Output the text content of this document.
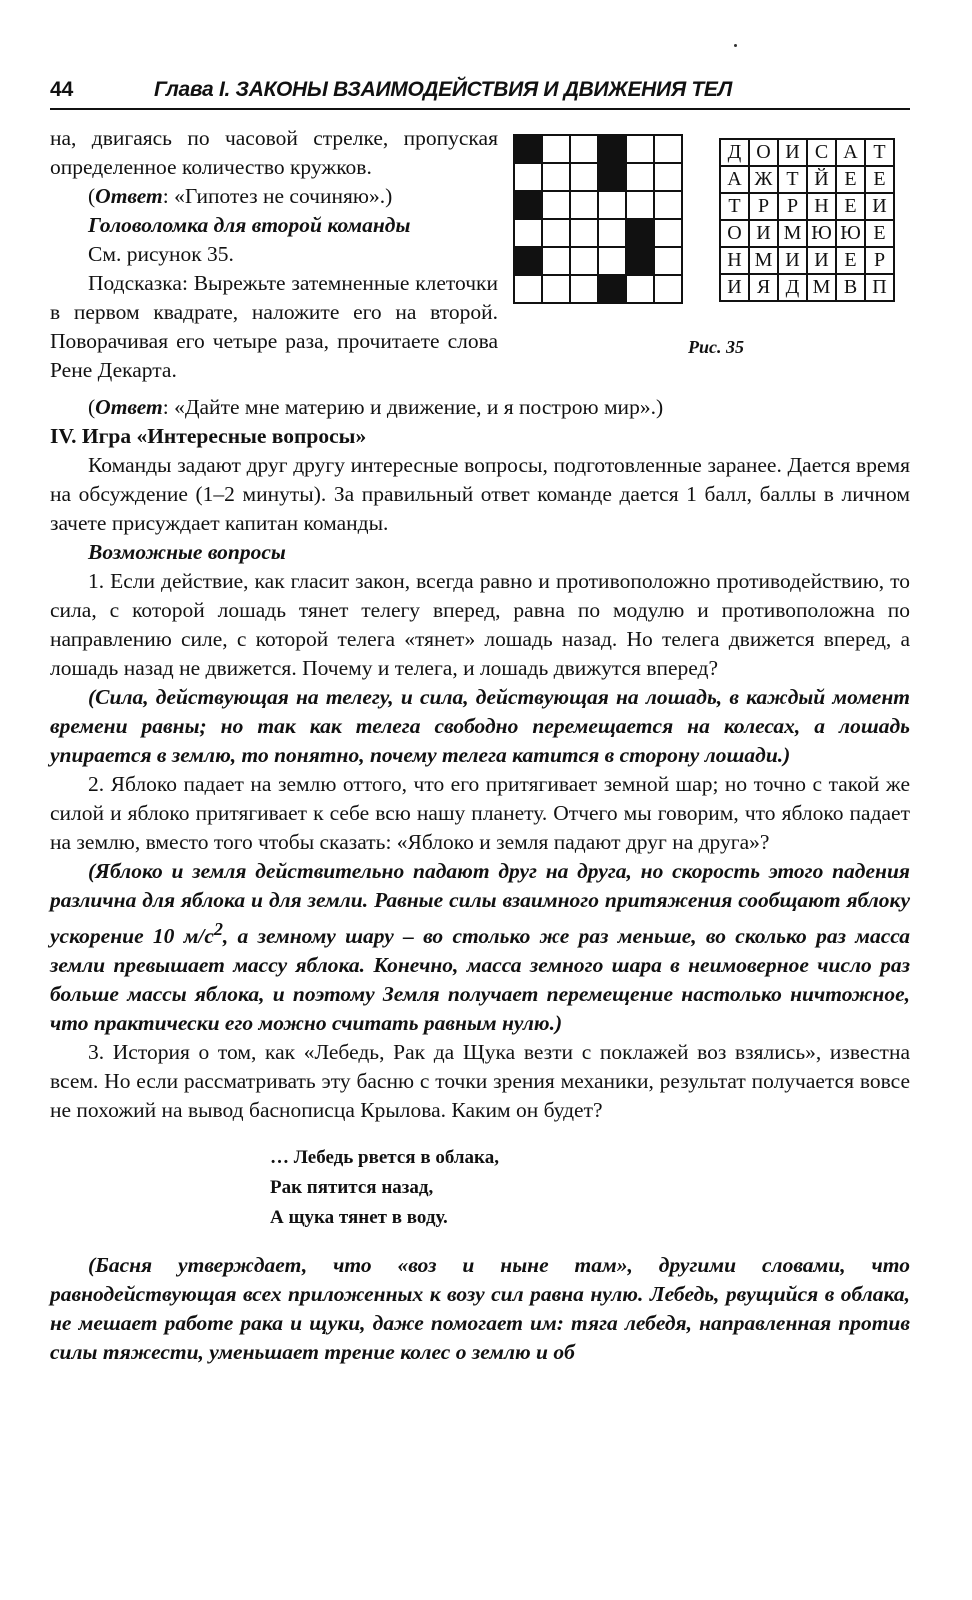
44	Глава I. ЗАКОНЫ ВЗАИМОДЕЙСТВИЯ И ДВИЖЕНИЯ ТЕЛ

на, двигаясь по часовой стрелке, пропуская определенное количество кружков.

(Ответ: «Гипотез не сочиняю».)

Головоломка для второй команды

См. рисунок 35.

Подсказка: Вырежьте затемненные клеточки в первом квадрате, наложите его на второй. Поворачивая его четыре раза, прочитаете слова Рене Декарта.

Д	О	И	С	А	Т
А	Ж	Т	Й	Е	Е
Т	Р	Р	Н	Е	И
О	И	М	Ю	Ю	Е
Н	М	И	И	Е	Р
И	Я	Д	М	В	П
Рис. 35

(Ответ: «Дайте мне материю и движение, и я построю мир».)

IV. Игра «Интересные вопросы»

Команды задают друг другу интересные вопросы, подготовленные заранее. Дается время на обсуждение (1–2 минуты). За правильный ответ команде дается 1 балл, баллы в личном зачете присуждает капитан команды.

Возможные вопросы

1. Если действие, как гласит закон, всегда равно и противоположно противодействию, то сила, с которой лошадь тянет телегу вперед, равна по модулю и противоположна по направлению силе, с которой телега «тянет» лошадь назад. Но телега движется вперед, а лошадь назад не движется. Почему и телега, и лошадь движутся вперед?

(Сила, действующая на телегу, и сила, действующая на лошадь, в каждый момент времени равны; но так как телега свободно перемещается на колесах, а лошадь упирается в землю, то понятно, почему телега катится в сторону лошади.)

2. Яблоко падает на землю оттого, что его притягивает земной шар; но точно с такой же силой и яблоко притягивает к себе всю нашу планету. Отчего мы говорим, что яблоко падает на землю, вместо того чтобы сказать: «Яблоко и земля падают друг на друга»?

(Яблоко и земля действительно падают друг на друга, но скорость этого падения различна для яблока и для земли. Равные силы взаимного притяжения сообщают яблоку ускорение 10 $м/с^2$, а земному шару – во столько же раз меньше, во сколько раз масса земли превышает массу яблока. Конечно, масса земного шара в неимоверное число раз больше массы яблока, и поэтому Земля получает перемещение настолько ничтожное, что практически его можно считать равным нулю.)

3. История о том, как «Лебедь, Рак да Щука везти с поклажей воз взялись», известна всем. Но если рассматривать эту басню с точки зрения механики, результат получается вовсе не похожий на вывод баснописца Крылова. Каким он будет?

… Лебедь рвется в облака,
Рак пятится назад,
А щука тянет в воду.

(Басня утверждает, что «воз и ныне там», другими словами, что равнодействующая всех приложенных к возу сил равна нулю. Лебедь, рвущийся в облака, не мешает работе рака и щуки, даже помогает им: тяга лебедя, направленная против силы тяжести, уменьшает трение колес о землю и об
